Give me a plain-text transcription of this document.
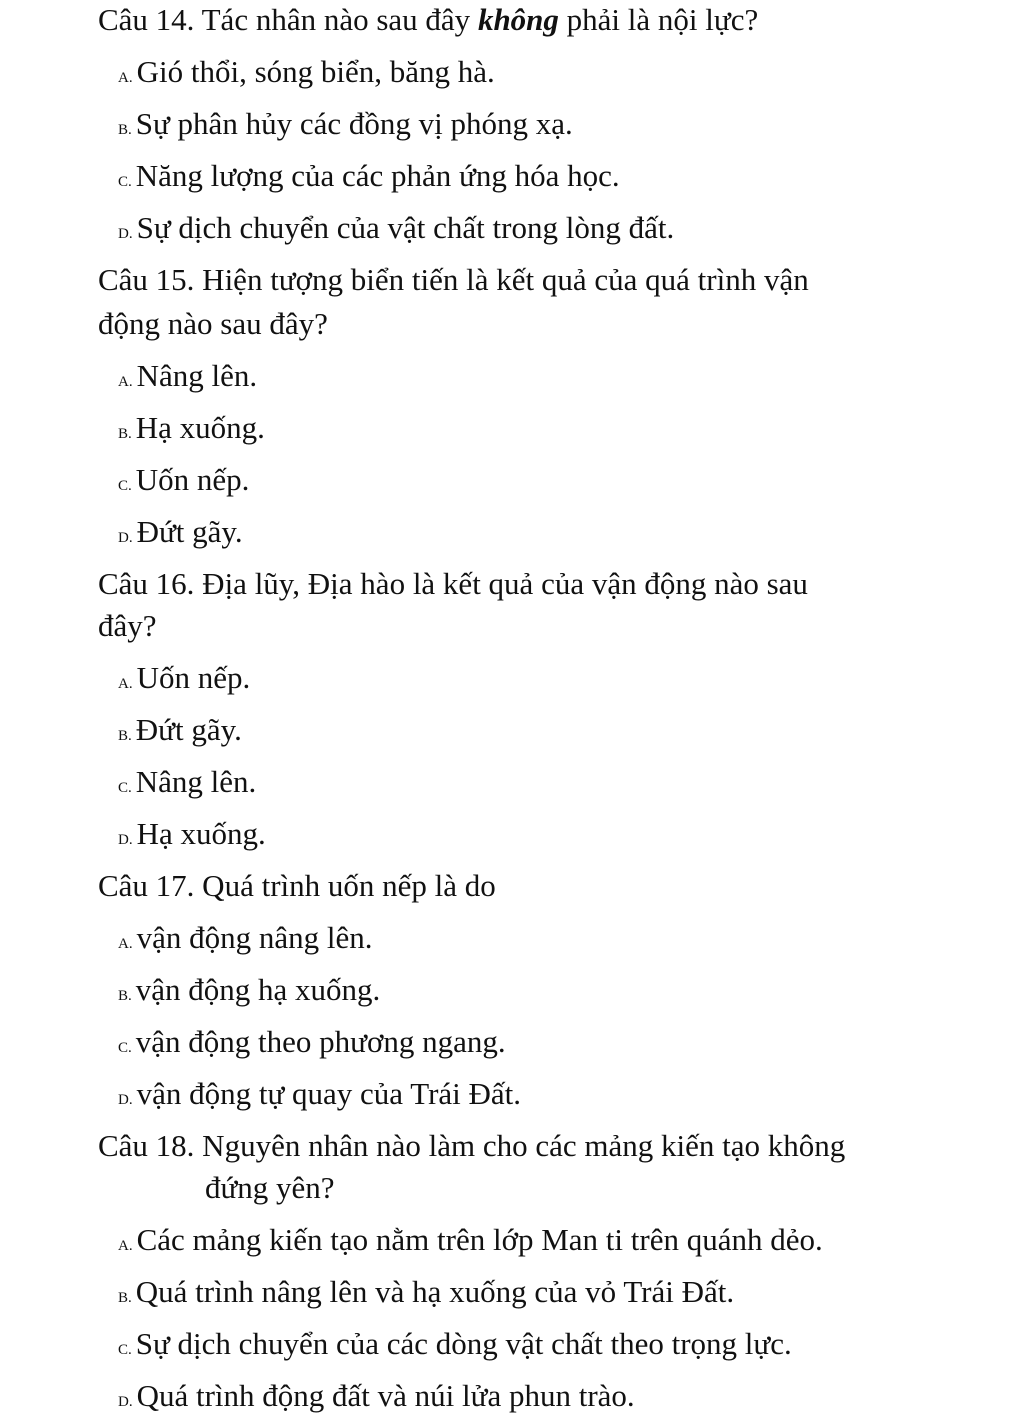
Câu 14. Tác nhân nào sau đây không phải là nội lực?
A. Gió thổi, sóng biển, băng hà.
B. Sự phân hủy các đồng vị phóng xạ.
C. Năng lượng của các phản ứng hóa học.
D. Sự dịch chuyển của vật chất trong lòng đất.
Câu 15. Hiện tượng biển tiến là kết quả của quá trình vận
động nào sau đây?
A. Nâng lên.
B. Hạ xuống.
C. Uốn nếp.
D. Đứt gãy.
Câu 16. Địa lũy, Địa hào là kết quả của vận động nào sau
đây?
A. Uốn nếp.
B. Đứt gãy.
C. Nâng lên.
D. Hạ xuống.
Câu 17. Quá trình uốn nếp là do
A. vận động nâng lên.
B. vận động hạ xuống.
C. vận động theo phương ngang.
D. vận động tự quay của Trái Đất.
Câu 18. Nguyên nhân nào làm cho các mảng kiến tạo không
đứng yên?
A. Các mảng kiến tạo nằm trên lớp Man ti trên quánh dẻo.
B. Quá trình nâng lên và hạ xuống của vỏ Trái Đất.
C. Sự dịch chuyển của các dòng vật chất theo trọng lực.
D. Quá trình động đất và núi lửa phun trào.
